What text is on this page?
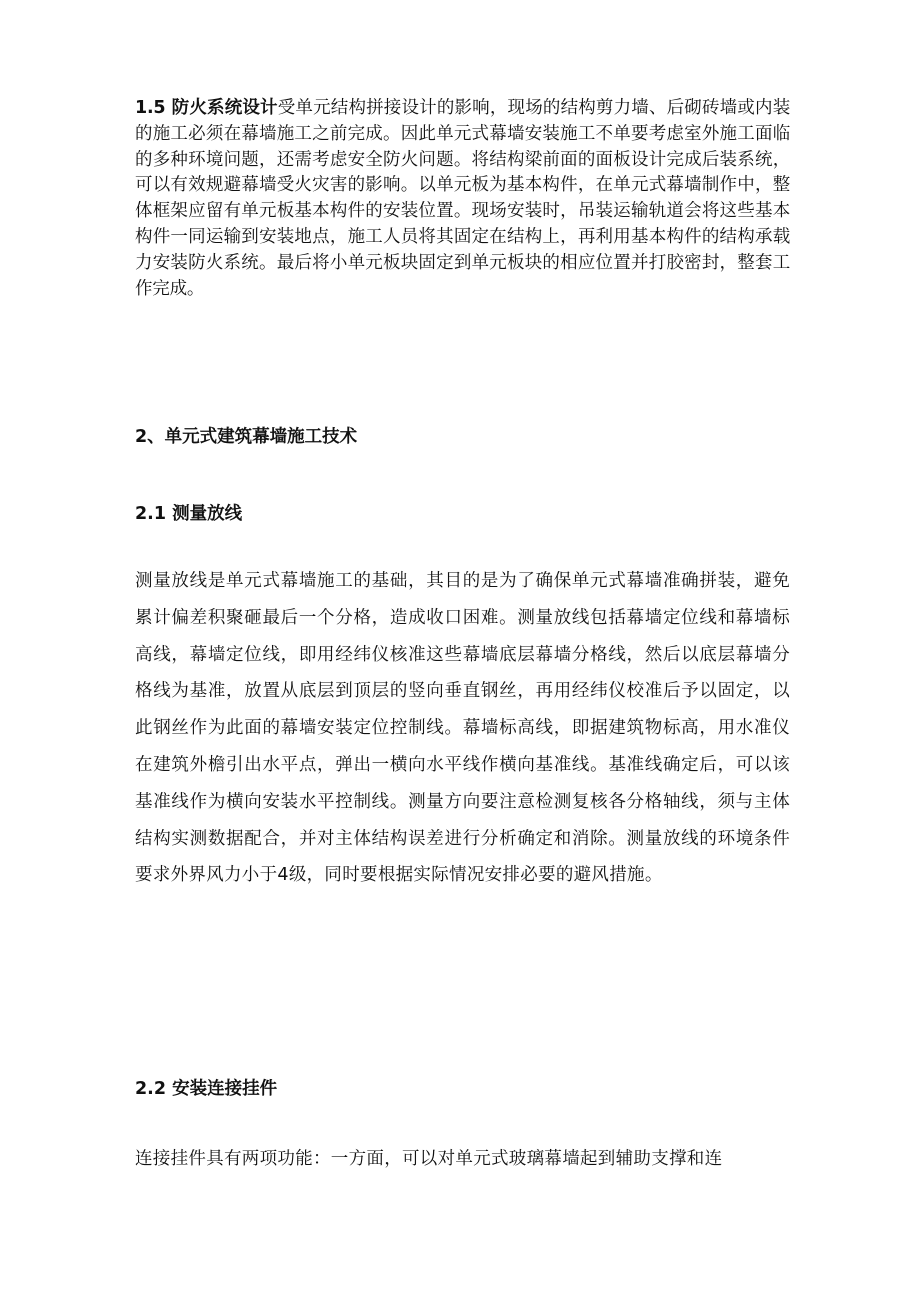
1.5 防火系统设计受单元结构拼接设计的影响，现场的结构剪力墙、后砌砖墙或内装的施工必须在幕墙施工之前完成。因此单元式幕墙安装施工不单要考虑室外施工面临的多种环境问题，还需考虑安全防火问题。将结构梁前面的面板设计完成后装系统，可以有效规避幕墙受火灾害的影响。以单元板为基本构件，在单元式幕墙制作中，整体框架应留有单元板基本构件的安装位置。现场安装时，吊装运输轨道会将这些基本构件一同运输到安装地点，施工人员将其固定在结构上，再利用基本构件的结构承载力安装防火系统。最后将小单元板块固定到单元板块的相应位置并打胶密封，整套工作完成。
2、单元式建筑幕墙施工技术
2.1 测量放线
测量放线是单元式幕墙施工的基础，其目的是为了确保单元式幕墙准确拼装，避免累计偏差积聚砸最后一个分格，造成收口困难。测量放线包括幕墙定位线和幕墙标高线，幕墙定位线，即用经纬仪核准这些幕墙底层幕墙分格线，然后以底层幕墙分格线为基准，放置从底层到顶层的竖向垂直钢丝，再用经纬仪校准后予以固定，以此钢丝作为此面的幕墙安装定位控制线。幕墙标高线，即据建筑物标高，用水准仪在建筑外檐引出水平点，弹出一横向水平线作横向基准线。基准线确定后，可以该基准线作为横向安装水平控制线。测量方向要注意检测复核各分格轴线，须与主体结构实测数据配合，并对主体结构误差进行分析确定和消除。测量放线的环境条件要求外界风力小于4级，同时要根据实际情况安排必要的避风措施。
2.2 安装连接挂件
连接挂件具有两项功能：一方面，可以对单元式玻璃幕墙起到辅助支撑和连
